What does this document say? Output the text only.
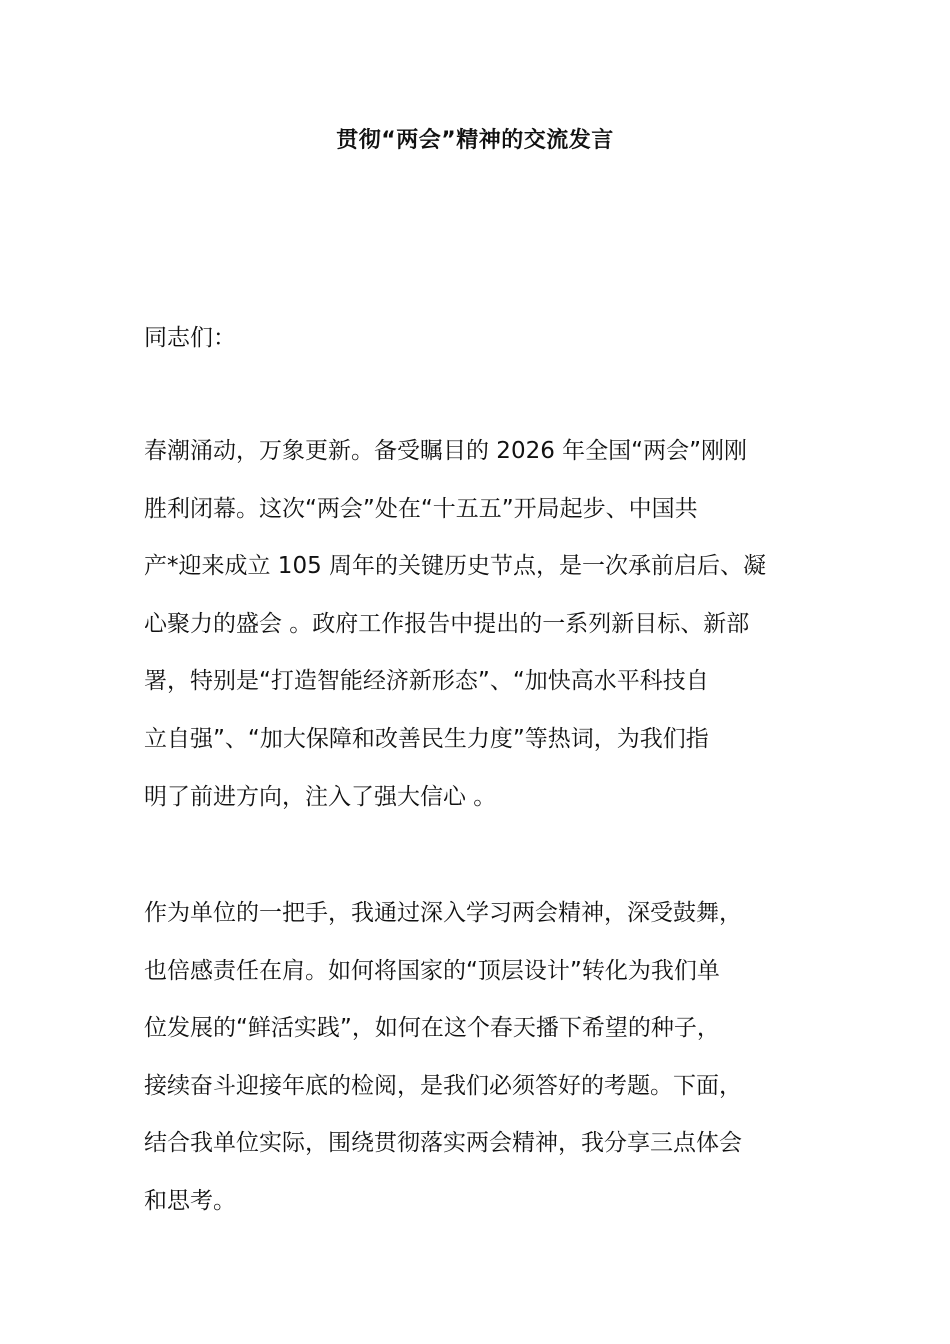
贯彻“两会”精神的交流发言
同志们：

春潮涌动，万象更新。备受瞩目的 2026 年全国“两会”刚刚
胜利闭幕。这次“两会”处在“十五五”开局起步、中国共
产*迎来成立 105 周年的关键历史节点，是一次承前启后、凝
心聚力的盛会 。政府工作报告中提出的一系列新目标、新部
署，特别是“打造智能经济新形态”、“加快高水平科技自
立自强”、“加大保障和改善民生力度”等热词，为我们指
明了前进方向，注入了强大信心 。

作为单位的一把手，我通过深入学习两会精神，深受鼓舞，
也倍感责任在肩。如何将国家的“顶层设计”转化为我们单
位发展的“鲜活实践”，如何在这个春天播下希望的种子，
接续奋斗迎接年底的检阅，是我们必须答好的考题。下面，
结合我单位实际，围绕贯彻落实两会精神，我分享三点体会
和思考。
